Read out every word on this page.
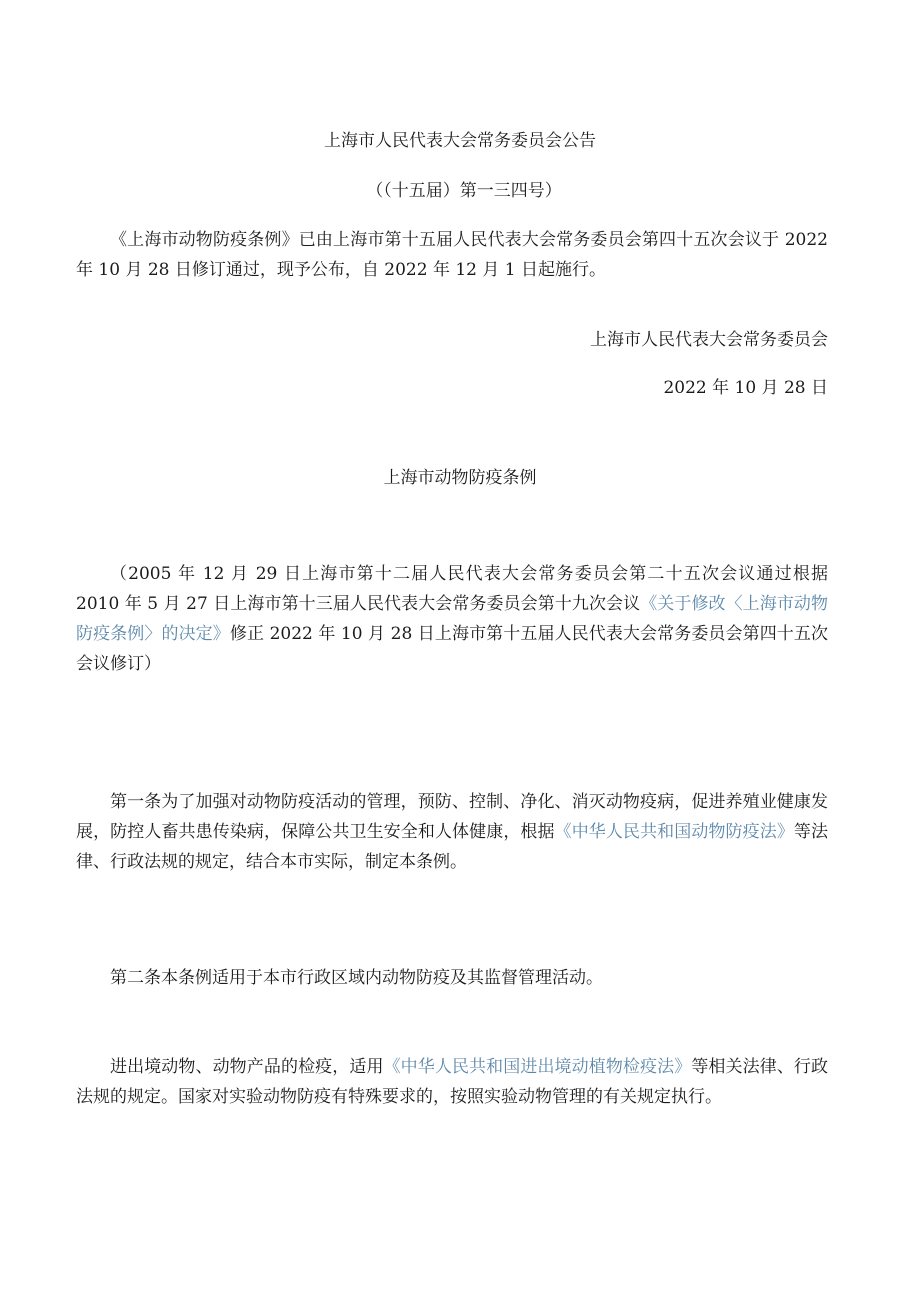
上海市人民代表大会常务委员会公告
（（十五届）第一三四号）
《上海市动物防疫条例》已由上海市第十五届人民代表大会常务委员会第四十五次会议于 2022 年 10 月 28 日修订通过，现予公布，自 2022 年 12 月 1 日起施行。
上海市人民代表大会常务委员会
2022 年 10 月 28 日
上海市动物防疫条例
（2005 年 12 月 29 日上海市第十二届人民代表大会常务委员会第二十五次会议通过根据 2010 年 5 月 27 日上海市第十三届人民代表大会常务委员会第十九次会议《关于修改〈上海市动物防疫条例〉的决定》修正 2022 年 10 月 28 日上海市第十五届人民代表大会常务委员会第四十五次会议修订）
第一条为了加强对动物防疫活动的管理，预防、控制、净化、消灭动物疫病，促进养殖业健康发展，防控人畜共患传染病，保障公共卫生安全和人体健康，根据《中华人民共和国动物防疫法》等法律、行政法规的规定，结合本市实际，制定本条例。
第二条本条例适用于本市行政区域内动物防疫及其监督管理活动。
进出境动物、动物产品的检疫，适用《中华人民共和国进出境动植物检疫法》等相关法律、行政法规的规定。国家对实验动物防疫有特殊要求的，按照实验动物管理的有关规定执行。
